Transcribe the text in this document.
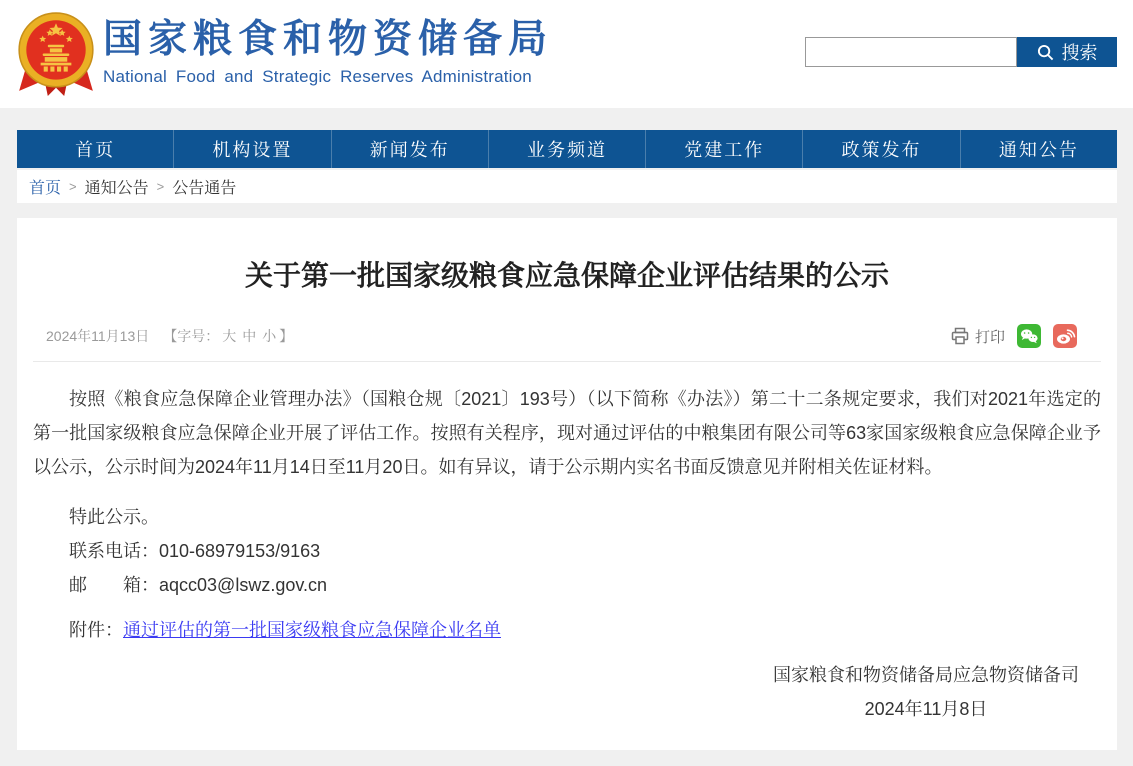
国家粮食和物资储备局
National Food and Strategic Reserves Administration
搜索
首页	机构设置	新闻发布	业务频道	党建工作	政策发布	通知公告
首页 > 通知公告 > 公告通告
关于第一批国家级粮食应急保障企业评估结果的公示
2024年11月13日 【字号： 大 中 小 】	打印

按照《粮食应急保障企业管理办法》（国粮仓规〔2021〕193号）（以下简称《办法》）第二十二条规定要求，我们对2021年选定的第一批国家级粮食应急保障企业开展了评估工作。按照有关程序，现对通过评估的中粮集团有限公司等63家国家级粮食应急保障企业予以公示，公示时间为2024年11月14日至11月20日。如有异议，请于公示期内实名书面反馈意见并附相关佐证材料。

特此公示。

联系电话：010-68979153/9163

邮　　箱：aqcc03@lswz.gov.cn

附件：通过评估的第一批国家级粮食应急保障企业名单

国家粮食和物资储备局应急物资储备司
2024年11月8日
